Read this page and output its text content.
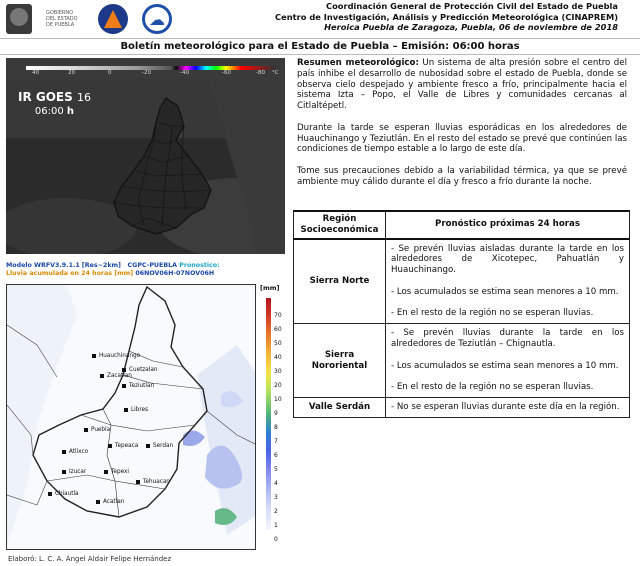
GOBIERNO DEL ESTADO DE PUEBLA	☁
Coordinación General de Protección Civil del Estado de Puebla
Centro de Investigación, Análisis y Predicción Meteorológica (CINAPREM)
Heroica Puebla de Zaragoza, Puebla, 06 de noviembre de 2018
Boletín meteorológico para el Estado de Puebla – Emisión: 06:00 horas
40	20	0	-20	-40	-60	-80 °C
IR GOES 16
06:00 h
Modelo WRFV3.9.1.1 [Res~2km] CGPC-PUEBLA Pronostico:
Lluvia acumulada en 24 horas [mm] 06NOV06H-07NOV06H
Huauchinango
Cuetzalan
Zacatlan
Teziutlan
Libres
Puebla
Atlixco
Tepeaca	Serdan
Tehuacan
Izucar	Tepexi
Chiautla
Acatlan
[mm]
70
60
50
40
30
20
10
9
8
7
6
5
4
3
2
1
0
Elaboró: L. C. A. Ángel Aldair Felipe Hernández

Resumen meteorológico: Un sistema de alta presión sobre el centro del país inhibe el desarrollo de nubosidad sobre el estado de Puebla, donde se observa cielo despejado y ambiente fresco a frío, principalmente hacia el sistema Izta – Popo, el Valle de Libres y comunidades cercanas al Citlaltépetl.

Durante la tarde se esperan lluvias esporádicas en los alrededores de Huauchinango y Teziutlán. En el resto del estado se prevé que continúen las condiciones de tiempo estable a lo largo de este día.

Tome sus precauciones debido a la variabilidad térmica, ya que se prevé ambiente muy cálido durante el día y fresco a frío durante la noche.

Región Socioeconómica	Pronóstico próximas 24 horas
Sierra Norte	- Se prevén lluvias aisladas durante la tarde en los alrededores de Xicotepec, Pahuatlán y Huauchinango.

- Los acumulados se estima sean menores a 10 mm.

- En el resto de la región no se esperan lluvias.

Sierra Nororiental	- Se prevén lluvias durante la tarde en los alrededores de Teziutlán – Chignautla.

- Los acumulados se estima sean menores a 10 mm.

- En el resto de la región no se esperan lluvias.

Valle Serdán	- No se esperan lluvias durante este día en la región.
